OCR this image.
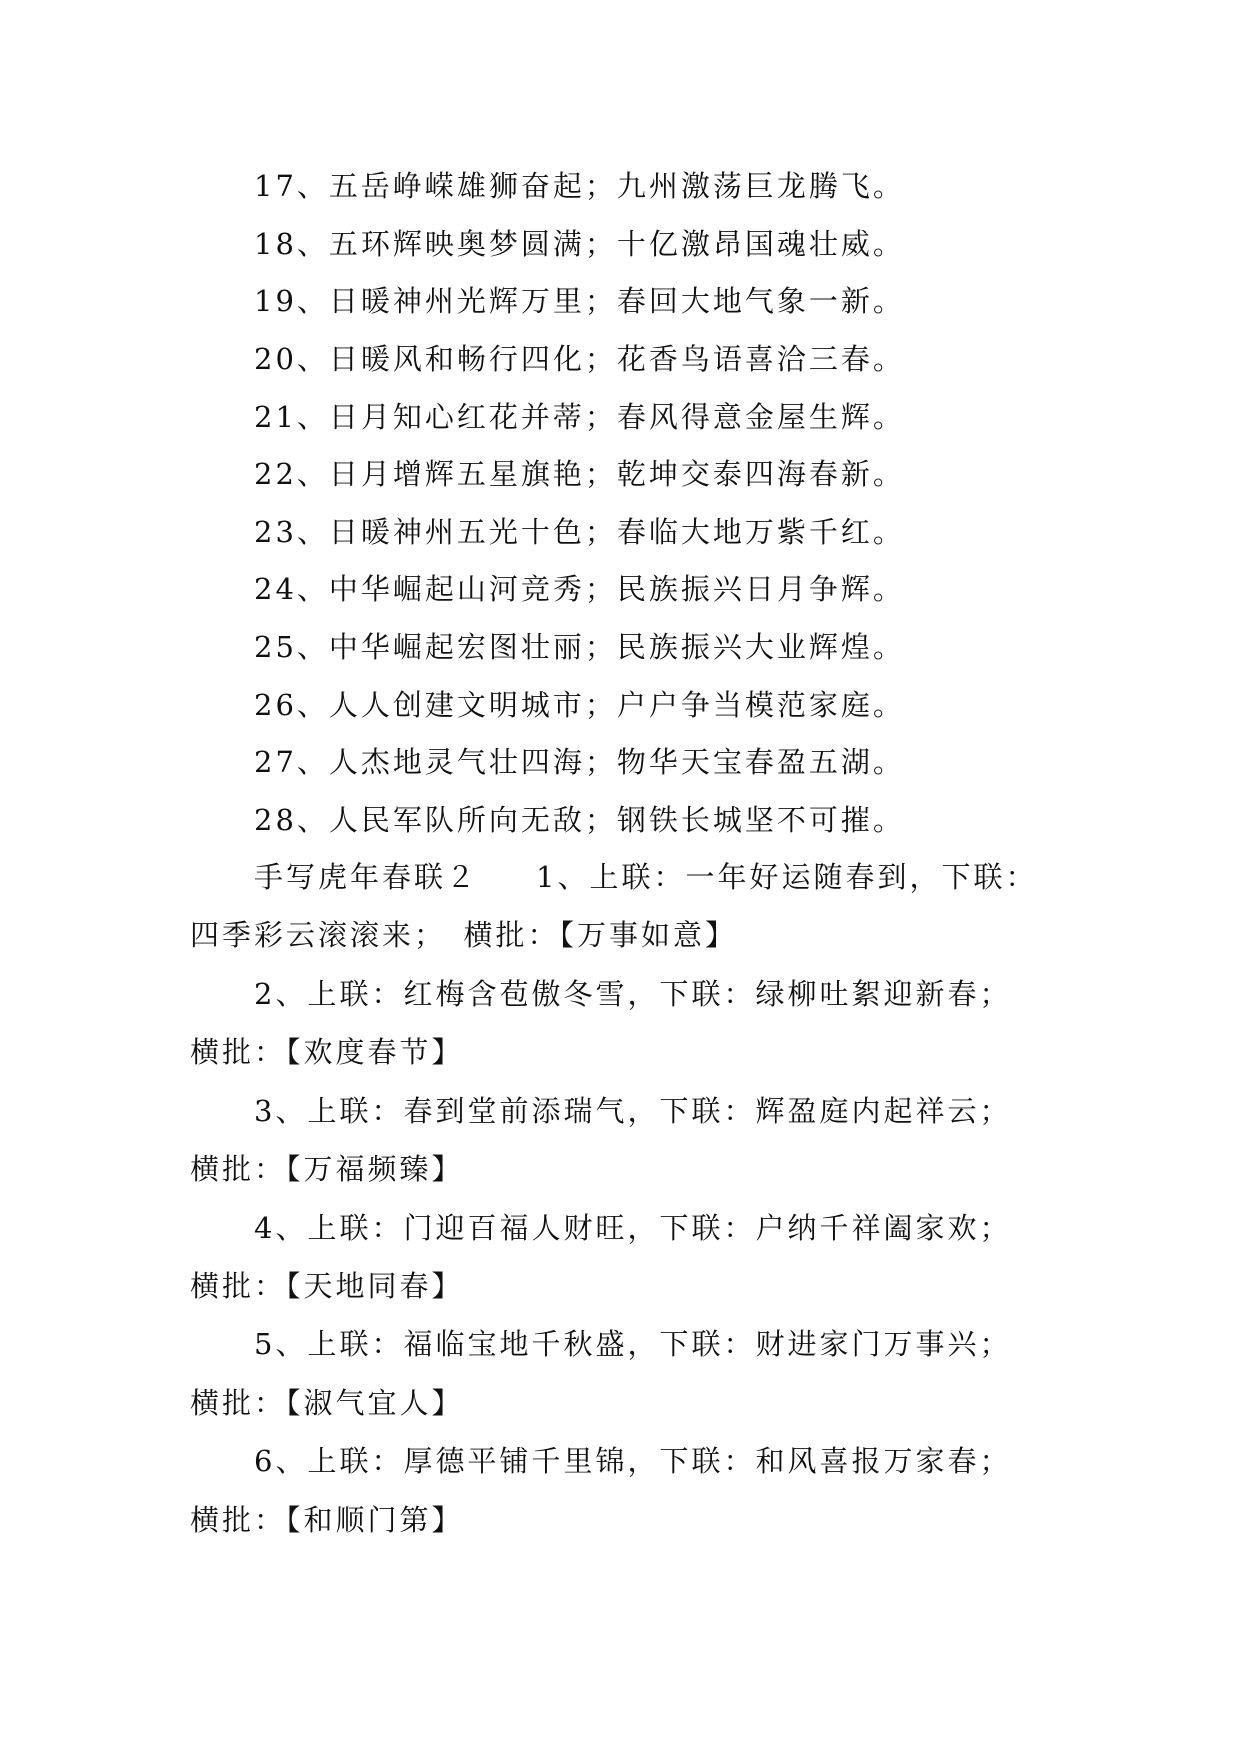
17、五岳峥嵘雄狮奋起；九州激荡巨龙腾飞。
18、五环辉映奥梦圆满；十亿激昂国魂壮威。
19、日暖神州光辉万里；春回大地气象一新。
20、日暖风和畅行四化；花香鸟语喜洽三春。
21、日月知心红花并蒂；春风得意金屋生辉。
22、日月增辉五星旗艳；乾坤交泰四海春新。
23、日暖神州五光十色；春临大地万紫千红。
24、中华崛起山河竞秀；民族振兴日月争辉。
25、中华崛起宏图壮丽；民族振兴大业辉煌。
26、人人创建文明城市；户户争当模范家庭。
27、人杰地灵气壮四海；物华天宝春盈五湖。
28、人民军队所向无敌；钢铁长城坚不可摧。
手写虎年春联２ 1、上联：一年好运随春到，下联：
四季彩云滚滚来；　横批：【万事如意】
2、上联：红梅含苞傲冬雪，下联：绿柳吐絮迎新春；
横批：【欢度春节】
3、上联：春到堂前添瑞气，下联：辉盈庭内起祥云；
横批：【万福频臻】
4、上联：门迎百福人财旺，下联：户纳千祥阖家欢；
横批：【天地同春】
5、上联：福临宝地千秋盛，下联：财进家门万事兴；
横批：【淑气宜人】
6、上联：厚德平铺千里锦，下联：和风喜报万家春；
横批：【和顺门第】
